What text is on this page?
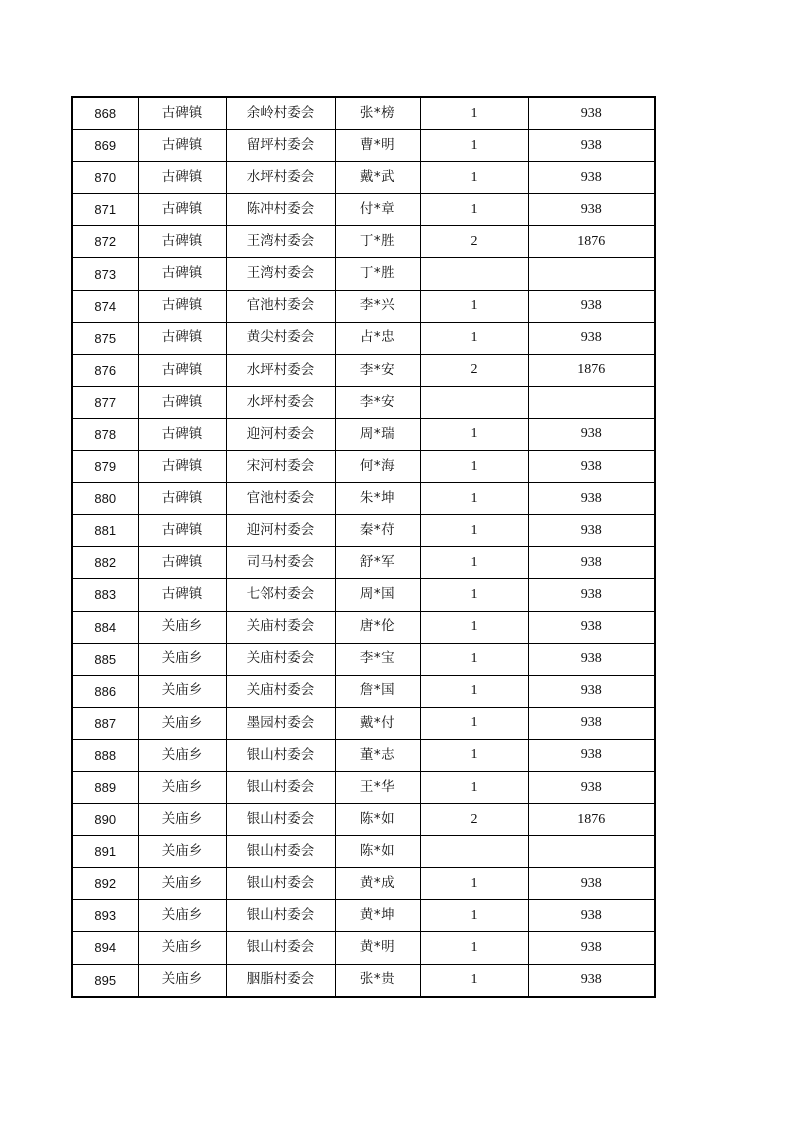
868	古碑镇	余岭村委会	张*榜	1	938
869	古碑镇	留坪村委会	曹*明	1	938
870	古碑镇	水坪村委会	戴*武	1	938
871	古碑镇	陈冲村委会	付*章	1	938
872	古碑镇	王湾村委会	丁*胜	2	1876
873	古碑镇	王湾村委会	丁*胜		
874	古碑镇	官池村委会	李*兴	1	938
875	古碑镇	黄尖村委会	占*忠	1	938
876	古碑镇	水坪村委会	李*安	2	1876
877	古碑镇	水坪村委会	李*安		
878	古碑镇	迎河村委会	周*瑞	1	938
879	古碑镇	宋河村委会	何*海	1	938
880	古碑镇	官池村委会	朱*坤	1	938
881	古碑镇	迎河村委会	秦*苻	1	938
882	古碑镇	司马村委会	舒*军	1	938
883	古碑镇	七邻村委会	周*国	1	938
884	关庙乡	关庙村委会	唐*伦	1	938
885	关庙乡	关庙村委会	李*宝	1	938
886	关庙乡	关庙村委会	詹*国	1	938
887	关庙乡	墨园村委会	戴*付	1	938
888	关庙乡	银山村委会	董*志	1	938
889	关庙乡	银山村委会	王*华	1	938
890	关庙乡	银山村委会	陈*如	2	1876
891	关庙乡	银山村委会	陈*如		
892	关庙乡	银山村委会	黄*成	1	938
893	关庙乡	银山村委会	黄*坤	1	938
894	关庙乡	银山村委会	黄*明	1	938
895	关庙乡	胭脂村委会	张*贵	1	938
